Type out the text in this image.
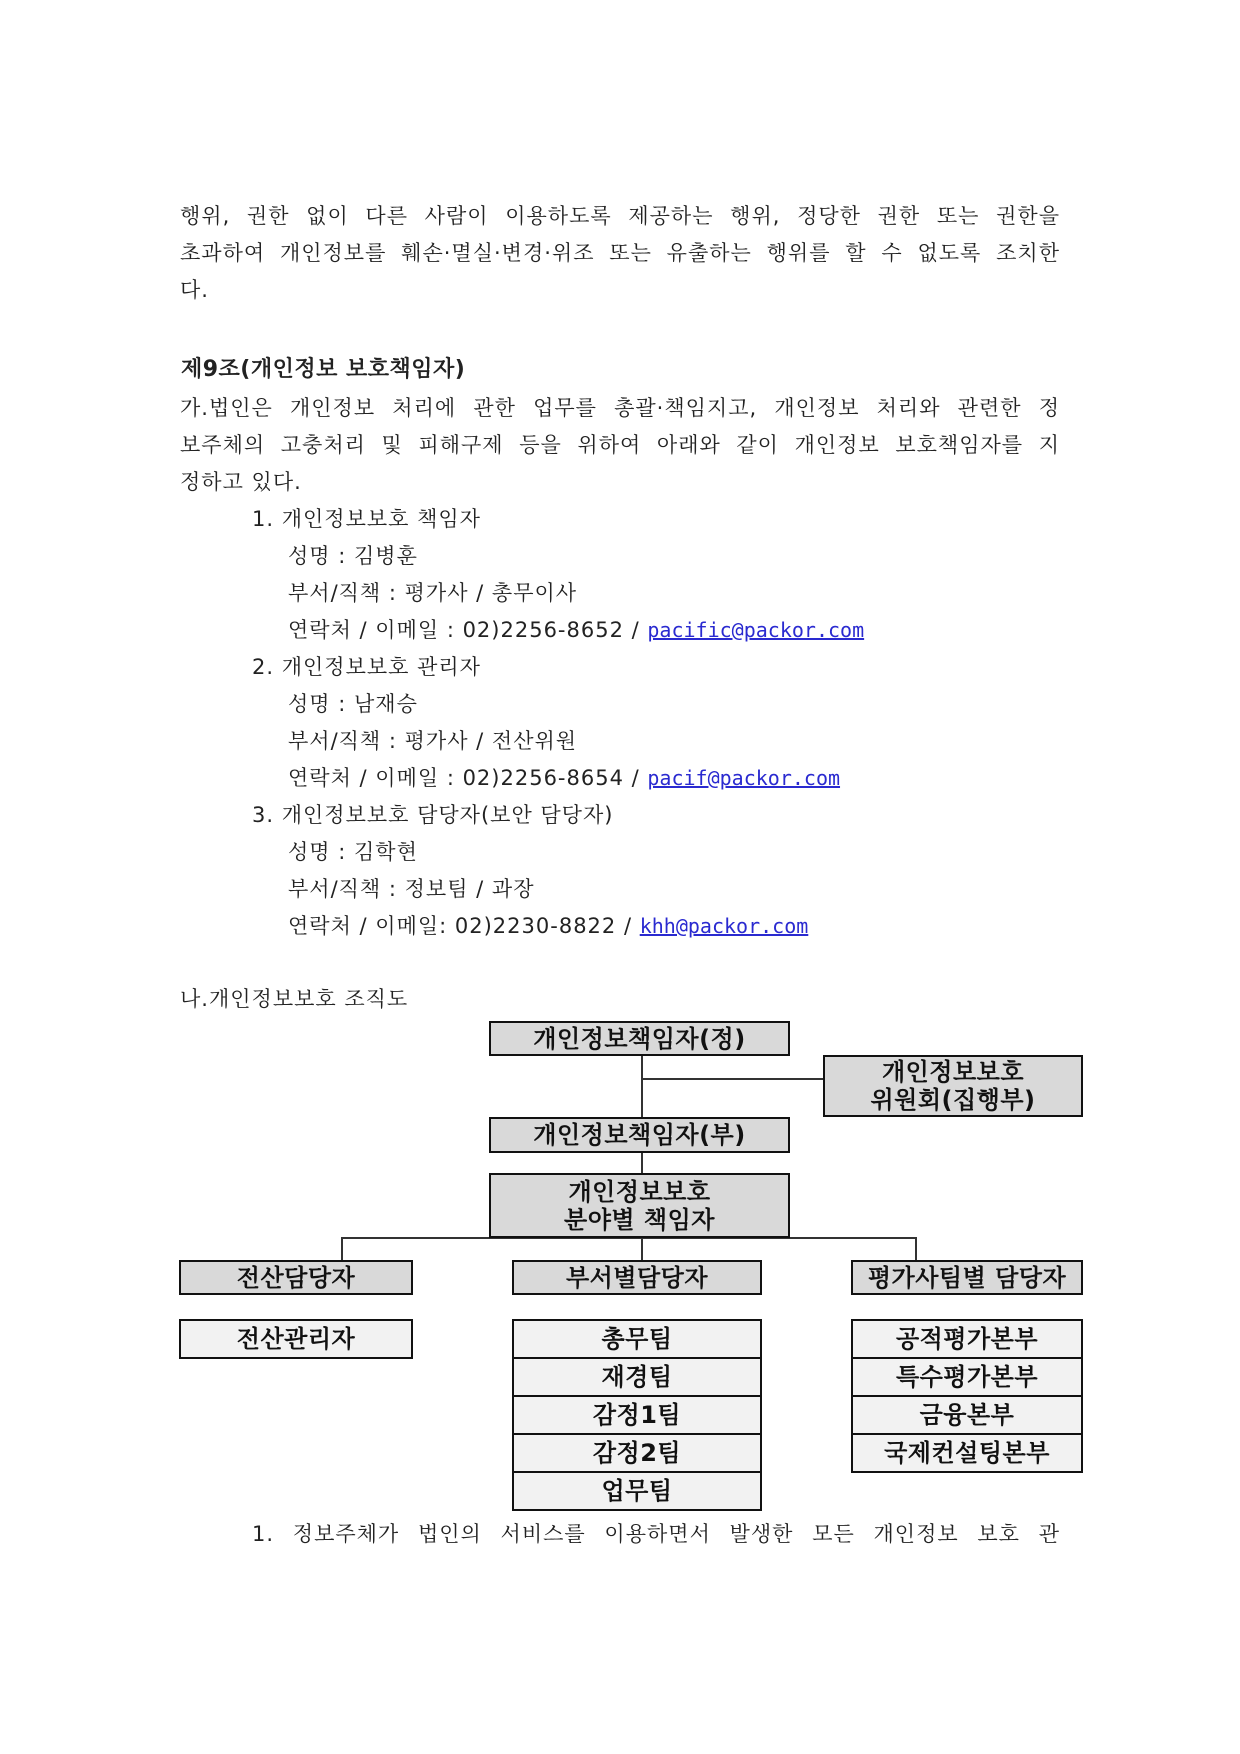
행위, 권한 없이 다른 사람이 이용하도록 제공하는 행위, 정당한 권한 또는 권한을

초과하여 개인정보를 훼손·멸실·변경·위조 또는 유출하는 행위를 할 수 없도록 조치한

다.

제9조(개인정보 보호책임자)

가.법인은 개인정보 처리에 관한 업무를 총괄·책임지고, 개인정보 처리와 관련한 정

보주체의 고충처리 및 피해구제 등을 위하여 아래와 같이 개인정보 보호책임자를 지

정하고 있다.

1. 개인정보보호 책임자
성명 : 김병훈
부서/직책 : 평가사 / 총무이사
연락처 / 이메일 : 02)2256-8652 / pacific@packor.com
2. 개인정보보호 관리자
성명 : 남재승
부서/직책 : 평가사 / 전산위원
연락처 / 이메일 : 02)2256-8654 / pacif@packor.com
3. 개인정보보호 담당자(보안 담당자)
성명 : 김학현
부서/직책 : 정보팀 / 과장
연락처 / 이메일: 02)2230-8822 / khh@packor.com
나.개인정보보호 조직도
개인정보책임자(정)
개인정보보호
위원회(집행부)
개인정보책임자(부)
개인정보보호
분야별 책임자
전산담당자	부서별담당자	평가사팀별 담당자
전산관리자	총무팀
재경팀
감정1팀
감정2팀
업무팀
공적평가본부
특수평가본부
금융본부
국제컨설팅본부

1. 정보주체가 법인의 서비스를 이용하면서 발생한 모든 개인정보 보호 관
